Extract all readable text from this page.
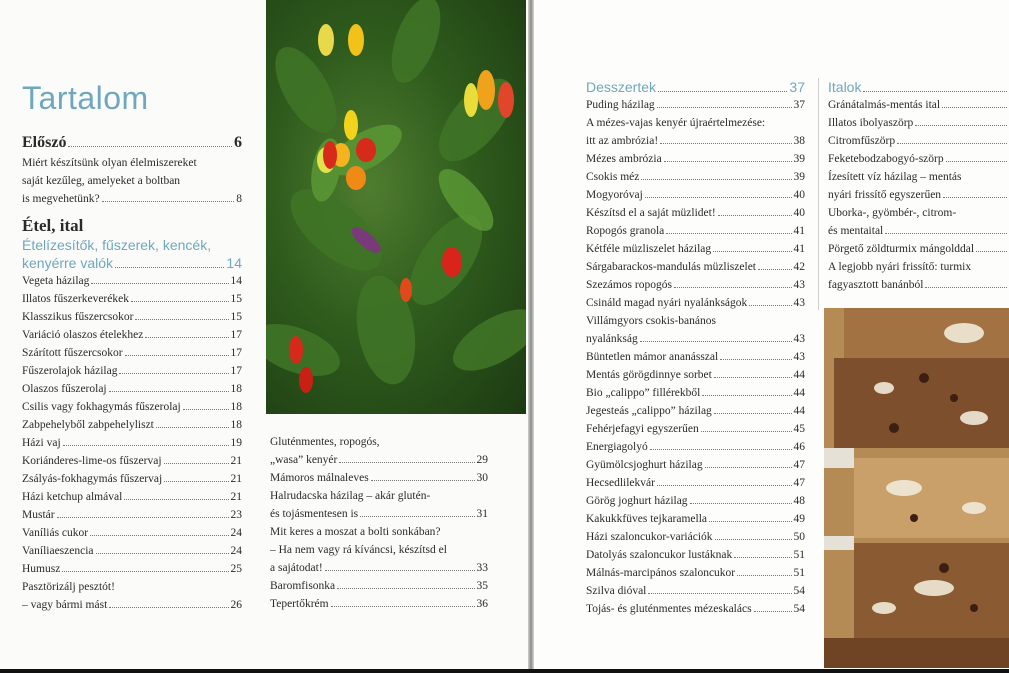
Tartalom
Előszó	6
Miért készítsünk olyan élelmiszereket
saját kezűleg, amelyeket a boltban
is megvehetünk?	8
Étel, ital
Ételízesítők, fűszerek, kencék,
kenyérre valók	14
Vegeta házilag	14
Illatos fűszerkeverékek	15
Klasszikus fűszercsokor	15
Variáció olaszos ételekhez	17
Szárított fűszercsokor	17
Fűszerolajok házilag	17
Olaszos fűszerolaj	18
Csilis vagy fokhagymás fűszerolaj	18
Zabpehelyből zabpehelyliszt	18
Házi vaj	19
Koriánderes-lime-os fűszervaj	21
Zsályás-fokhagymás fűszervaj	21
Házi ketchup almával	21
Mustár	23
Vaníliás cukor	24
Vaníliaeszencia	24
Humusz	25
Pasztörizálj pesztót!
– vagy bármi mást	26
Gluténmentes, ropogós,
„wasa” kenyér	29
Mámoros málnaleves	30
Halrudacska házilag – akár glutén-
és tojásmentesen is	31
Mit keres a moszat a bolti sonkában?
– Ha nem vagy rá kíváncsi, készítsd el
a sajátodat!	33
Baromfisonka	35
Tepertőkrém	36
Desszertek	37
Puding házilag	37
A mézes-vajas kenyér újraértelmezése:
itt az ambrózia!	38
Mézes ambrózia	39
Csokis méz	39
Mogyoróvaj	40
Készítsd el a saját müzlidet!	40
Ropogós granola	41
Kétféle müzliszelet házilag	41
Sárgabarackos-mandulás müzliszelet	42
Szezámos ropogós	43
Csináld magad nyári nyalánkságok	43
Villámgyors csokis-banános
nyalánkság	43
Büntetlen mámor ananásszal	43
Mentás görögdinnye sorbet	44
Bio „calippo” fillérekből	44
Jegesteás „calippo” házilag	44
Fehérjefagyi egyszerűen	45
Energiagolyó	46
Gyümölcsjoghurt házilag	47
Hecsedlilekvár	47
Görög joghurt házilag	48
Kakukkfüves tejkaramella	49
Házi szaloncukor-variációk	50
Datolyás szaloncukor lustáknak	51
Málnás-marcipános szaloncukor	51
Szilva dióval	54
Tojás- és gluténmentes mézeskalács	54
Italok
Gránátalmás-mentás ital
Illatos ibolyaszörp
Citromfűszörp
Feketebodzabogyó-szörp
Ízesített víz házilag – mentás
nyári frissítő egyszerűen
Uborka-, gyömbér-, citrom-
és mentaital
Pörgető zöldturmix mángolddal
A legjobb nyári frissítő: turmix
fagyasztott banánból
